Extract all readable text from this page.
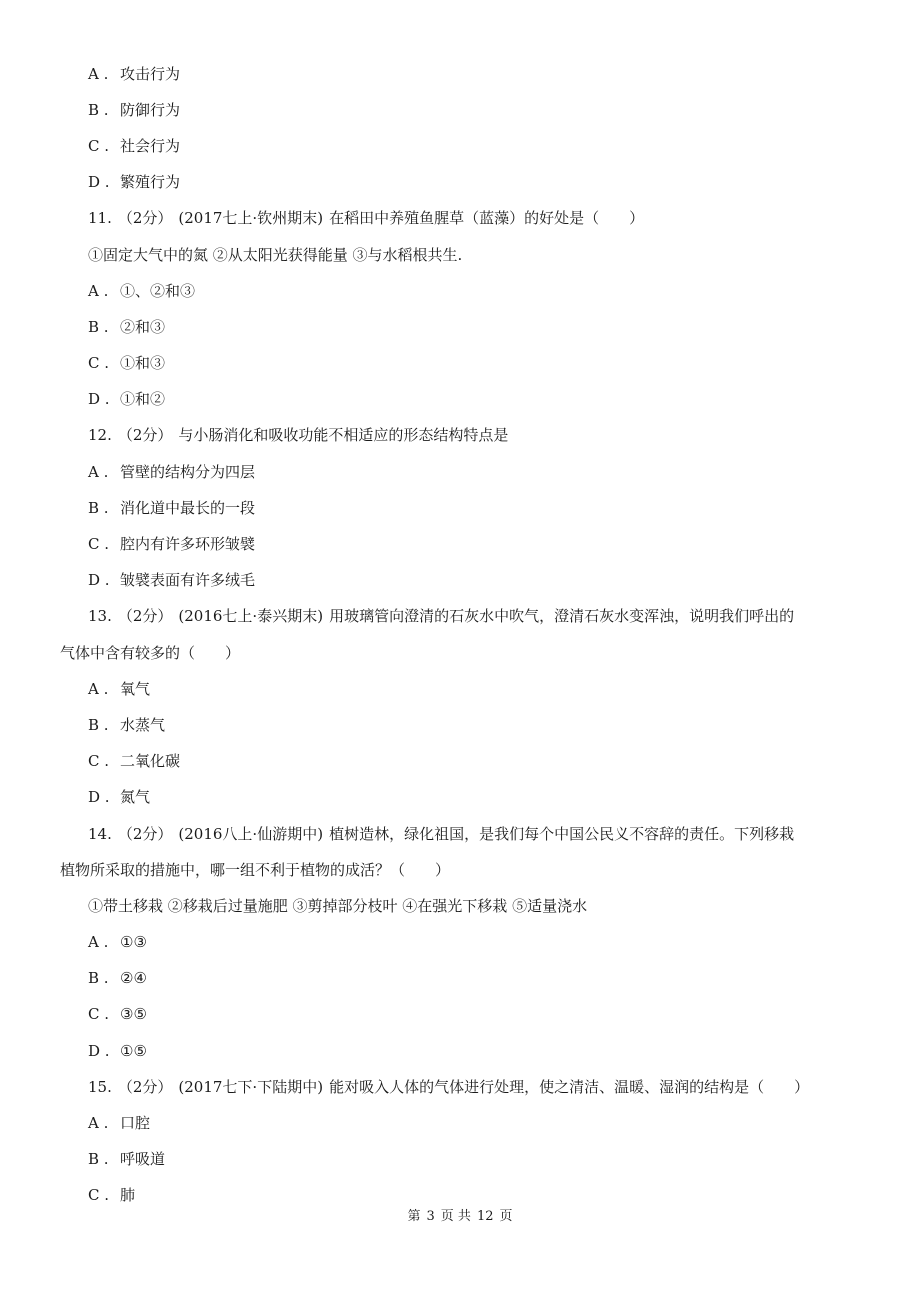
A . 攻击行为
B . 防御行为
C . 社会行为
D . 繁殖行为
11. （2分） (2017七上·钦州期末) 在稻田中养殖鱼腥草（蓝藻）的好处是（　　）
①固定大气中的氮 ②从太阳光获得能量 ③与水稻根共生.
A . ①、②和③
B . ②和③
C . ①和③
D . ①和②
12. （2分） 与小肠消化和吸收功能不相适应的形态结构特点是
A . 管壁的结构分为四层
B . 消化道中最长的一段
C . 腔内有许多环形皱襞
D . 皱襞表面有许多绒毛
13. （2分） (2016七上·泰兴期末) 用玻璃管向澄清的石灰水中吹气，澄清石灰水变浑浊，说明我们呼出的
气体中含有较多的（　　）
A . 氧气
B . 水蒸气
C . 二氧化碳
D . 氮气
14. （2分） (2016八上·仙游期中) 植树造林，绿化祖国，是我们每个中国公民义不容辞的责任。下列移栽
植物所采取的措施中，哪一组不利于植物的成活？（　　）
①带土移栽 ②移栽后过量施肥 ③剪掉部分枝叶 ④在强光下移栽 ⑤适量浇水
A . ①③
B . ②④
C . ③⑤
D . ①⑤
15. （2分） (2017七下·下陆期中) 能对吸入人体的气体进行处理，使之清洁、温暖、湿润的结构是（　　）
A . 口腔
B . 呼吸道
C . 肺
第 3 页 共 12 页
